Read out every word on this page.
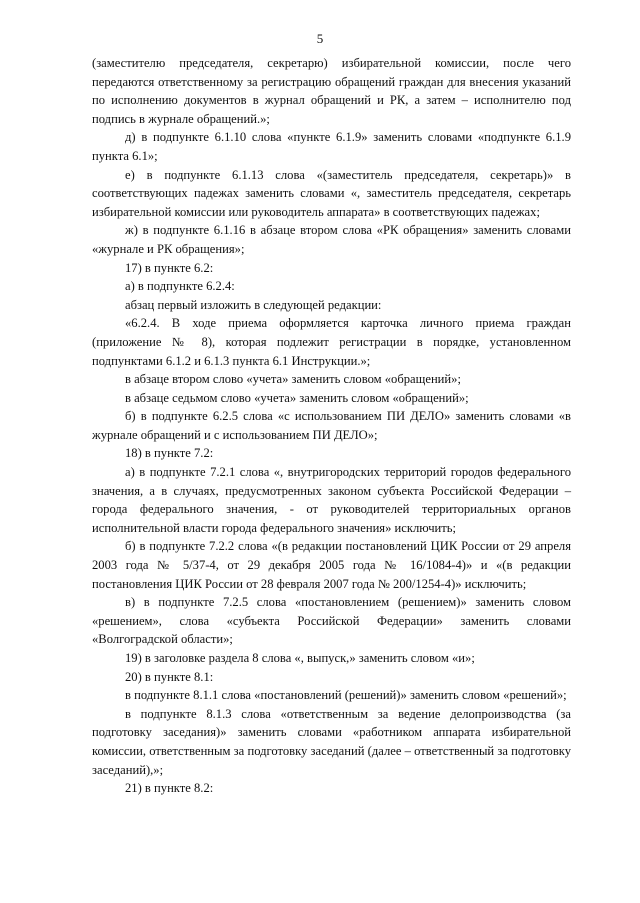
5

(заместителю председателя, секретарю) избирательной комиссии, после чего передаются ответственному за регистрацию обращений граждан для внесения указаний по исполнению документов в журнал обращений и РК, а затем – исполнителю под подпись в журнале обращений.»;

д) в подпункте 6.1.10 слова «пункте 6.1.9» заменить словами «подпункте 6.1.9 пункта 6.1»;

е) в подпункте 6.1.13 слова «(заместитель председателя, секретарь)» в соответствующих падежах заменить словами «, заместитель председателя, секретарь избирательной комиссии или руководитель аппарата» в соответствующих падежах;

ж) в подпункте 6.1.16 в абзаце втором слова «РК обращения» заменить словами «журнале и РК обращения»;

17) в пункте 6.2:

а) в подпункте 6.2.4:

абзац первый изложить в следующей редакции:

«6.2.4. В ходе приема оформляется карточка личного приема граждан (приложение № 8), которая подлежит регистрации в порядке, установленном подпунктами 6.1.2 и 6.1.3 пункта 6.1 Инструкции.»;

в абзаце втором слово «учета» заменить словом «обращений»;

в абзаце седьмом слово «учета» заменить словом «обращений»;

б) в подпункте 6.2.5 слова «с использованием ПИ ДЕЛО» заменить словами «в журнале обращений и с использованием ПИ ДЕЛО»;

18) в пункте 7.2:

а) в подпункте 7.2.1 слова «, внутригородских территорий городов федерального значения, а в случаях, предусмотренных законом субъекта Российской Федерации – города федерального значения, - от руководителей территориальных органов исполнительной власти города федерального значения» исключить;

б) в подпункте 7.2.2 слова «(в редакции постановлений ЦИК России от 29 апреля 2003 года № 5/37-4, от 29 декабря 2005 года № 16/1084-4)» и «(в редакции постановления ЦИК России от 28 февраля 2007 года № 200/1254-4)» исключить;

в) в подпункте 7.2.5 слова «постановлением (решением)» заменить словом «решением», слова «субъекта Российской Федерации» заменить словами «Волгоградской области»;

19) в заголовке раздела 8 слова «, выпуск,» заменить словом «и»;

20) в пункте 8.1:

в подпункте 8.1.1 слова «постановлений (решений)» заменить словом «решений»;

в подпункте 8.1.3 слова «ответственным за ведение делопроизводства (за подготовку заседания)» заменить словами «работником аппарата избирательной комиссии, ответственным за подготовку заседаний (далее – ответственный за подготовку заседаний),»;

21) в пункте 8.2:
